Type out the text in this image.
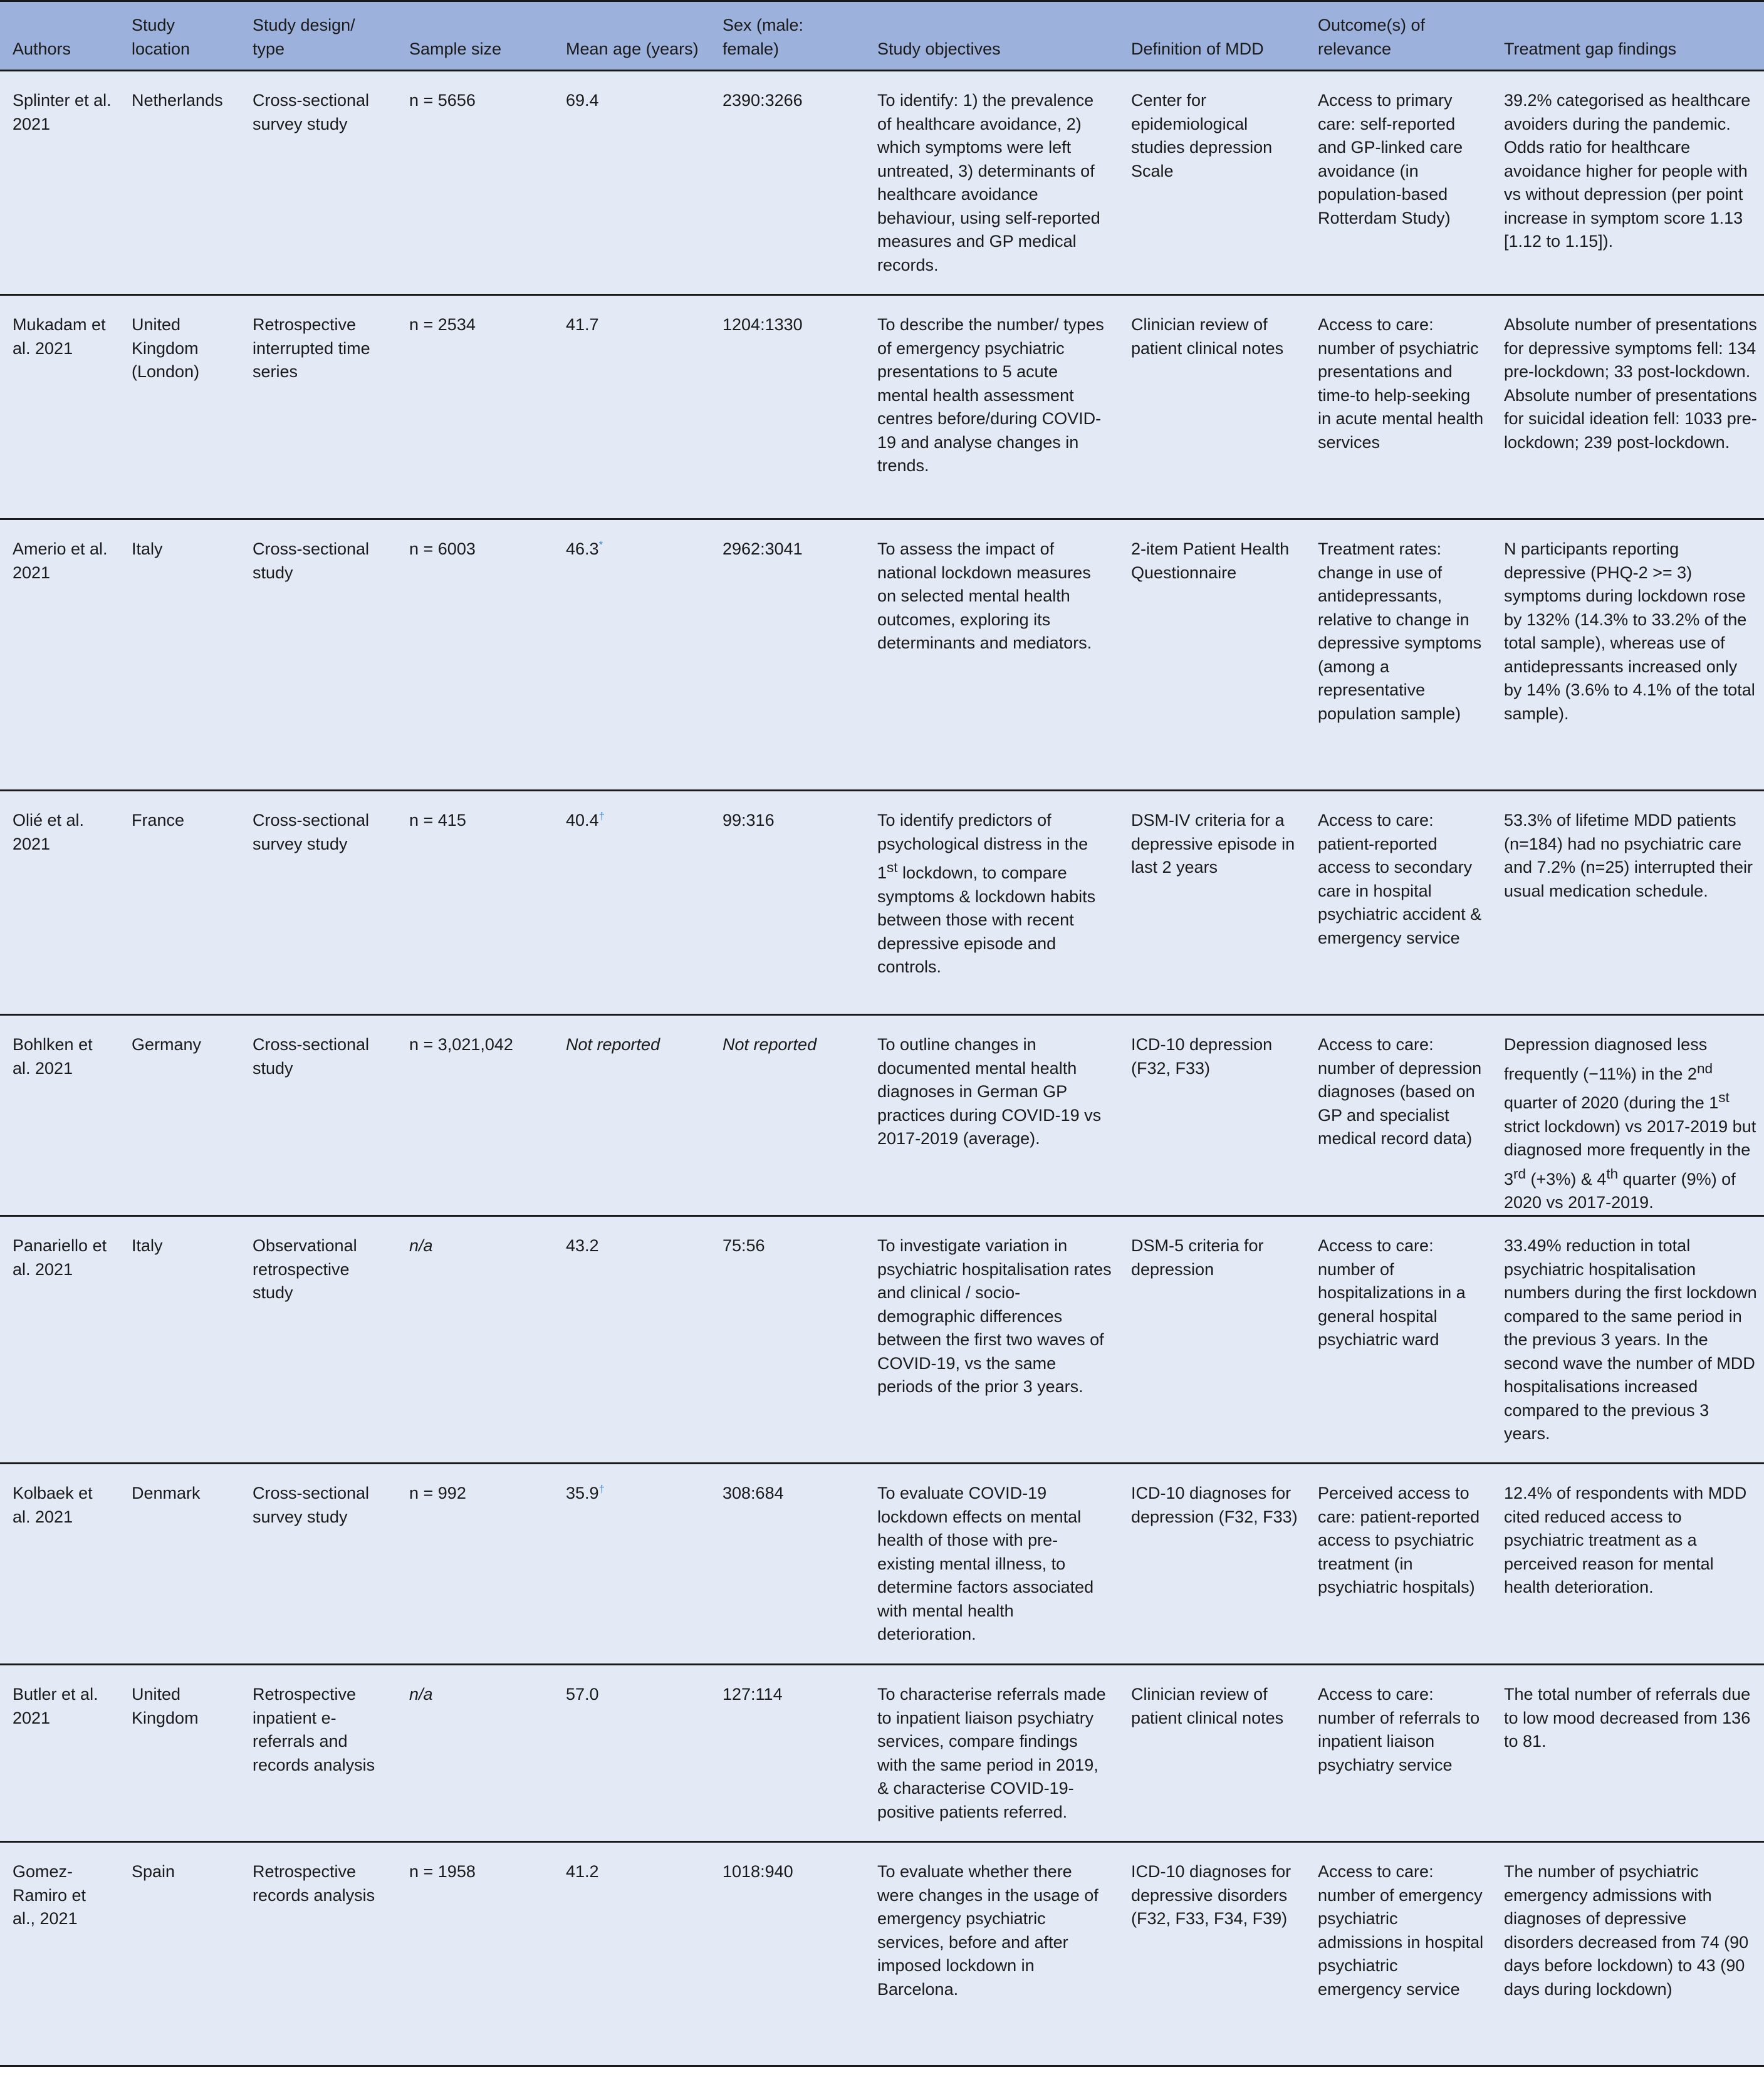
Authors	Study location	Study design/ type	Sample size	Mean age (years)	Sex (male: female)	Study objectives	Definition of MDD	Outcome(s) of relevance	Treatment gap findings
Splinter et al. 2021	Netherlands	Cross-sectional survey study	n = 5656	69.4	2390:3266	To identify: 1) the prevalence of healthcare avoidance, 2) which symptoms were left untreated, 3) determinants of healthcare avoidance behaviour, using self-reported measures and GP medical records.	Center for epidemiological studies depression Scale	Access to primary care: self-reported and GP-linked care avoidance (in population-based Rotterdam Study)	39.2% categorised as healthcare avoiders during the pandemic. Odds ratio for healthcare avoidance higher for people with vs without depression (per point increase in symptom score 1.13 [1.12 to 1.15]).
Mukadam et al. 2021	United Kingdom (London)	Retrospective interrupted time series	n = 2534	41.7	1204:1330	To describe the number/ types of emergency psychiatric presentations to 5 acute mental health assessment centres before/during COVID-19 and analyse changes in trends.	Clinician review of patient clinical notes	Access to care: number of psychiatric presentations and time-to help-seeking in acute mental health services	Absolute number of presentations for depressive symptoms fell: 134 pre-lockdown; 33 post-lockdown. Absolute number of presentations for suicidal ideation fell: 1033 pre-lockdown; 239 post-lockdown.
Amerio et al. 2021	Italy	Cross-sectional study	n = 6003	46.3*	2962:3041	To assess the impact of national lockdown measures on selected mental health outcomes, exploring its determinants and mediators.	2-item Patient Health Questionnaire	Treatment rates: change in use of antidepressants, relative to change in depressive symptoms (among a representative population sample)	N participants reporting depressive (PHQ-2 >= 3) symptoms during lockdown rose by 132% (14.3% to 33.2% of the total sample), whereas use of antidepressants increased only by 14% (3.6% to 4.1% of the total sample).
Olié et al. 2021	France	Cross-sectional survey study	n = 415	40.4†	99:316	To identify predictors of psychological distress in the 1st lockdown, to compare symptoms & lockdown habits between those with recent depressive episode and controls.	DSM-IV criteria for a depressive episode in last 2 years	Access to care: patient-reported access to secondary care in hospital psychiatric accident & emergency service	53.3% of lifetime MDD patients (n=184) had no psychiatric care and 7.2% (n=25) interrupted their usual medication schedule.
Bohlken et al. 2021	Germany	Cross-sectional study	n = 3,021,042	Not reported	Not reported	To outline changes in documented mental health diagnoses in German GP practices during COVID-19 vs 2017-2019 (average).	ICD-10 depression (F32, F33)	Access to care: number of depression diagnoses (based on GP and specialist medical record data)	Depression diagnosed less frequently (−11%) in the 2nd quarter of 2020 (during the 1st strict lockdown) vs 2017-2019 but diagnosed more frequently in the 3rd (+3%) & 4th quarter (9%) of 2020 vs 2017-2019.
Panariello et al. 2021	Italy	Observational retrospective study	n/a	43.2	75:56	To investigate variation in psychiatric hospitalisation rates and clinical / socio-demographic differences between the first two waves of COVID-19, vs the same periods of the prior 3 years.	DSM-5 criteria for depression	Access to care: number of hospitalizations in a general hospital psychiatric ward	33.49% reduction in total psychiatric hospitalisation numbers during the first lockdown compared to the same period in the previous 3 years. In the second wave the number of MDD hospitalisations increased compared to the previous 3 years.
Kolbaek et al. 2021	Denmark	Cross-sectional survey study	n = 992	35.9†	308:684	To evaluate COVID-19 lockdown effects on mental health of those with pre-existing mental illness, to determine factors associated with mental health deterioration.	ICD-10 diagnoses for depression (F32, F33)	Perceived access to care: patient-reported access to psychiatric treatment (in psychiatric hospitals)	12.4% of respondents with MDD cited reduced access to psychiatric treatment as a perceived reason for mental health deterioration.
Butler et al. 2021	United Kingdom	Retrospective inpatient e-referrals and records analysis	n/a	57.0	127:114	To characterise referrals made to inpatient liaison psychiatry services, compare findings with the same period in 2019, & characterise COVID-19-positive patients referred.	Clinician review of patient clinical notes	Access to care: number of referrals to inpatient liaison psychiatry service	The total number of referrals due to low mood decreased from 136 to 81.
Gomez-Ramiro et al., 2021	Spain	Retrospective records analysis	n = 1958	41.2	1018:940	To evaluate whether there were changes in the usage of emergency psychiatric services, before and after imposed lockdown in Barcelona.	ICD-10 diagnoses for depressive disorders (F32, F33, F34, F39)	Access to care: number of emergency psychiatric admissions in hospital psychiatric emergency service	The number of psychiatric emergency admissions with diagnoses of depressive disorders decreased from 74 (90 days before lockdown) to 43 (90 days during lockdown)
